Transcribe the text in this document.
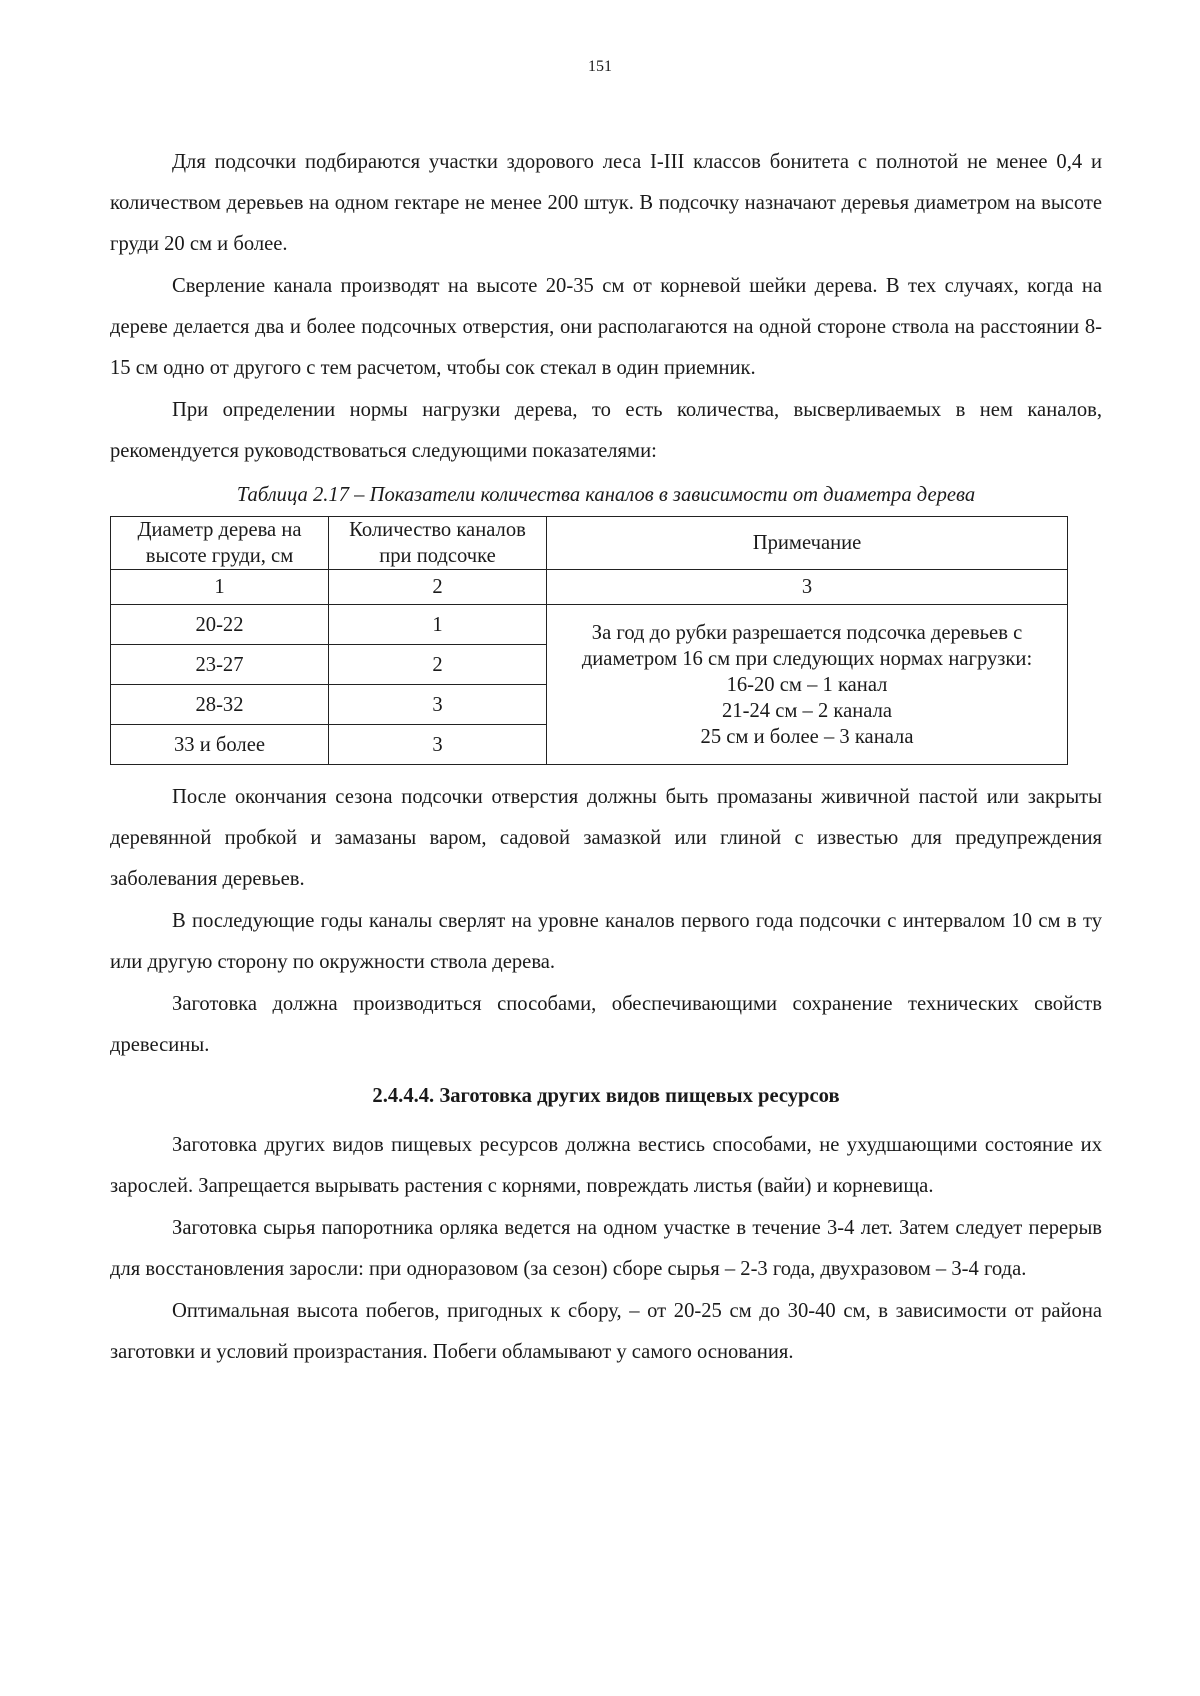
151

Для подсочки подбираются участки здорового леса I-III классов бонитета с полнотой не менее 0,4 и количеством деревьев на одном гектаре не менее 200 штук. В подсочку назначают деревья диаметром на высоте груди 20 см и более.

Сверление канала производят на высоте 20-35 см от корневой шейки дерева. В тех случаях, когда на дереве делается два и более подсочных отверстия, они располагаются на одной стороне ствола на расстоянии 8-15 см одно от другого с тем расчетом, чтобы сок стекал в один приемник.

При определении нормы нагрузки дерева, то есть количества, высверливаемых в нем каналов, рекомендуется руководствоваться следующими показателями:

Таблица 2.17 – Показатели количества каналов в зависимости от диаметра дерева
Диаметр дерева на высоте груди, см	Количество каналов при подсочке	Примечание
1	2	3
20-22	1	За год до рубки разрешается подсочка деревьев с диаметром 16 см при следующих нормах нагрузки:
16-20 см – 1 канал
21-24 см – 2 канала
25 см и более – 3 канала

23-27	2	
28-32	3	
33 и более	3	

После окончания сезона подсочки отверстия должны быть промазаны живичной пастой или закрыты деревянной пробкой и замазаны варом, садовой замазкой или глиной с известью для предупреждения заболевания деревьев.

В последующие годы каналы сверлят на уровне каналов первого года подсочки с интервалом 10 см в ту или другую сторону по окружности ствола дерева.

Заготовка должна производиться способами, обеспечивающими сохранение технических свойств древесины.

2.4.4.4. Заготовка других видов пищевых ресурсов

Заготовка других видов пищевых ресурсов должна вестись способами, не ухудшающими состояние их зарослей. Запрещается вырывать растения с корнями, повреждать листья (вайи) и корневища.

Заготовка сырья папоротника орляка ведется на одном участке в течение 3-4 лет. Затем следует перерыв для восстановления заросли: при одноразовом (за сезон) сборе сырья – 2-3 года, двухразовом – 3-4 года.

Оптимальная высота побегов, пригодных к сбору, – от 20-25 см до 30-40 см, в зависимости от района заготовки и условий произрастания. Побеги обламывают у самого основания.
